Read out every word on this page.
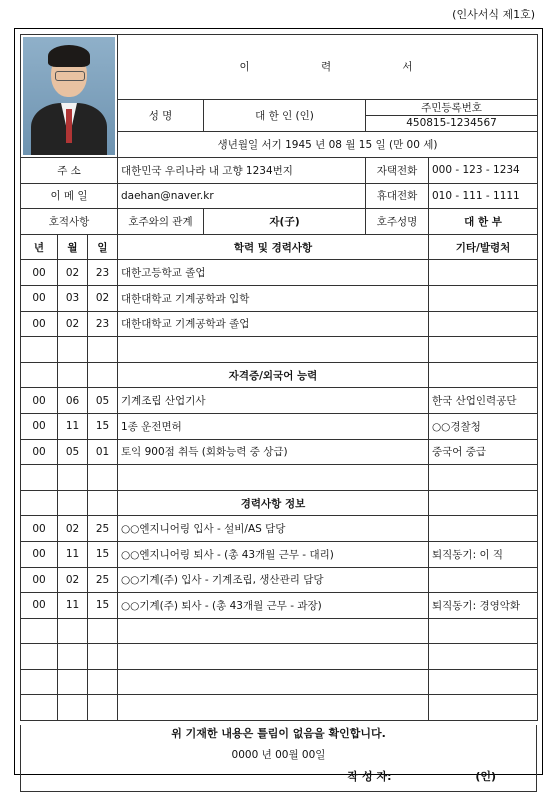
(인사서식 제1호)
			이 력 서			
			성 명	대 한 인 (인)	주민등록번호
450815-1234567	

			생년월일 서기 1945 년 08 월 15 일 (만 00 세)			
주 소			대한민국 우리나라 내 고향 1234번지		자택전화	000 - 123 - 1234
이 메 일			daehan@naver.kr		휴대전화	010 - 111 - 1111
호적사항			호주와의 관계	자(子)	호주성명	대 한 부
년	월	일	학력 및 경력사항			기타/발령처
00	02	23	대한고등학교 졸업			
00	03	02	대한대학교 기계공학과 입학			
00	02	23	대한대학교 기계공학과 졸업			

			자격증/외국어 능력			
00	06	05	기계조립 산업기사			한국 산업인력공단
00	11	15	1종 운전면허			○○경찰청
00	05	01	토익 900점 취득 (회화능력 중 상급)			중국어 중급

			경력사항 정보			
00	02	25	○○엔지니어링 입사 - 설비/AS 담당			
00	11	15	○○엔지니어링 퇴사 - (총 43개월 근무 - 대리)			퇴직동기: 이 직
00	02	25	○○기계(주) 입사 - 기계조립, 생산관리 담당			
00	11	15	○○기계(주) 퇴사 - (총 43개월 근무 - 과장)			퇴직동기: 경영악화

위 기재한 내용은 틀림이 없음을 확인합니다.
0000 년 00월 00일
작 성 자:	(인)
